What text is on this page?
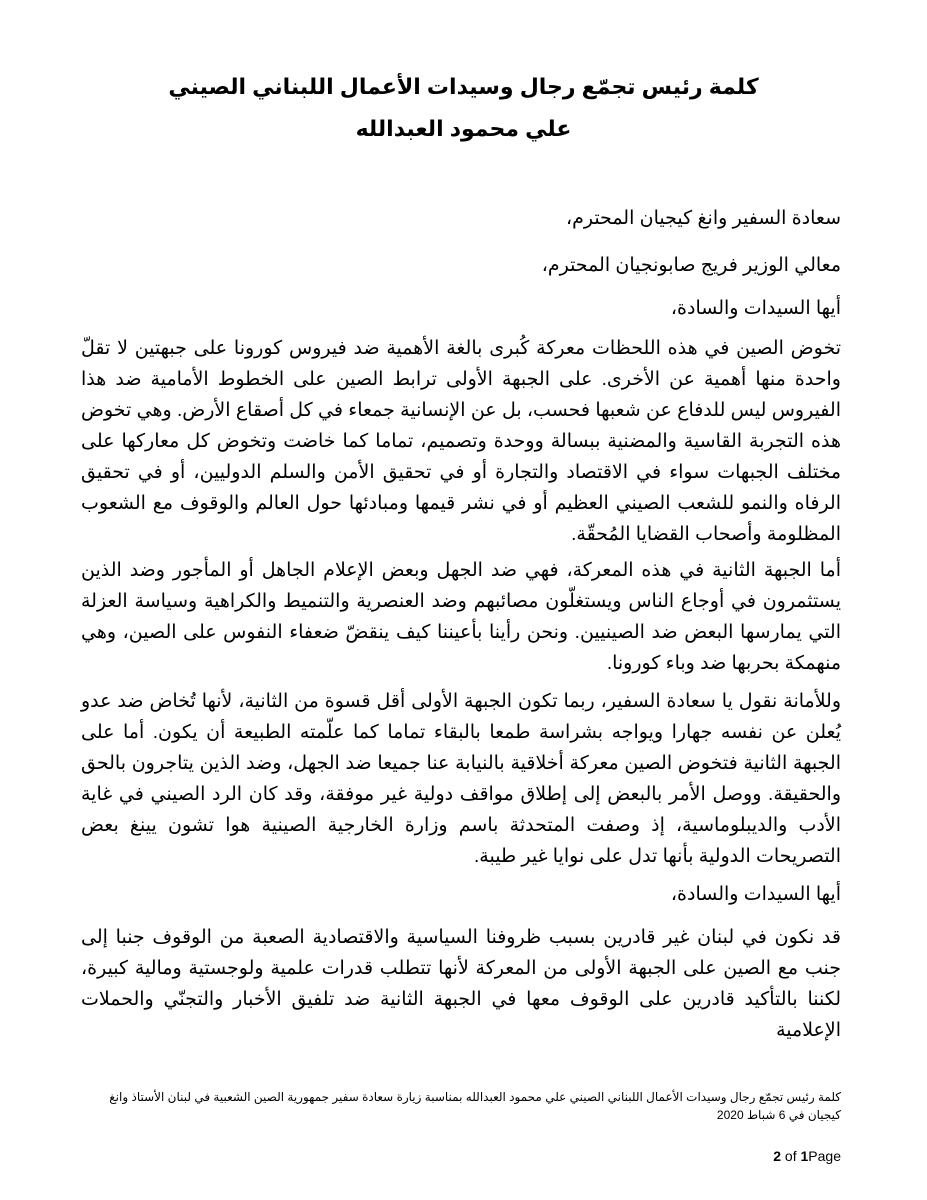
كلمة رئيس تجمّع رجال وسيدات الأعمال اللبناني الصيني
علي محمود العبدالله
سعادة السفير وانغ كيجيان المحترم،
معالي الوزير فريج صابونجيان المحترم،
أيها السيدات والسادة،
تخوض الصين في هذه اللحظات معركة كُبرى بالغة الأهمية ضد فيروس كورونا على جبهتين لا تقلّ واحدة منها أهمية عن الأخرى. على الجبهة الأولى ترابط الصين على الخطوط الأمامية ضد هذا الفيروس ليس للدفاع عن شعبها فحسب، بل عن الإنسانية جمعاء في كل أصقاع الأرض. وهي تخوض هذه التجربة القاسية والمضنية ببسالة ووحدة وتصميم، تماما كما خاضت وتخوض كل معاركها على مختلف الجبهات سواء في الاقتصاد والتجارة أو في تحقيق الأمن والسلم الدوليين، أو في تحقيق الرفاه والنمو للشعب الصيني العظيم أو في نشر قيمها ومبادئها حول العالم والوقوف مع الشعوب المظلومة وأصحاب القضايا المُحقّة.
أما الجبهة الثانية في هذه المعركة، فهي ضد الجهل وبعض الإعلام الجاهل أو المأجور وضد الذين يستثمرون في أوجاع الناس ويستغلّون مصائبهم وضد العنصرية والتنميط والكراهية وسياسة العزلة التي يمارسها البعض ضد الصينيين. ونحن رأينا بأعيننا كيف ينقضّ ضعفاء النفوس على الصين، وهي منهمكة بحربها ضد وباء كورونا.
وللأمانة نقول يا سعادة السفير، ربما تكون الجبهة الأولى أقل قسوة من الثانية، لأنها تُخاض ضد عدو يُعلن عن نفسه جهارا ويواجه بشراسة طمعا بالبقاء تماما كما علّمته الطبيعة أن يكون. أما على الجبهة الثانية فتخوض الصين معركة أخلاقية بالنيابة عنا جميعا ضد الجهل، وضد الذين يتاجرون بالحق والحقيقة. ووصل الأمر بالبعض إلى إطلاق مواقف دولية غير موفقة، وقد كان الرد الصيني في غاية الأدب والديبلوماسية، إذ وصفت المتحدثة باسم وزارة الخارجية الصينية هوا تشون يينغ بعض التصريحات الدولية بأنها تدل على نوايا غير طيبة.
أيها السيدات والسادة،
قد نكون في لبنان غير قادرين بسبب ظروفنا السياسية والاقتصادية الصعبة من الوقوف جنبا إلى جنب مع الصين على الجبهة الأولى من المعركة لأنها تتطلب قدرات علمية ولوجستية ومالية كبيرة، لكننا بالتأكيد قادرين على الوقوف معها في الجبهة الثانية ضد تلفيق الأخبار والتجنّي والحملات الإعلامية
كلمة رئيس تجمّع رجال وسيدات الأعمال اللبناني الصيني علي محمود العبدالله بمناسبة زيارة سعادة سفير جمهورية الصين الشعبية في لبنان الأستاذ وانغ كيجيان في 6 شباط 2020
2 of 1Page
